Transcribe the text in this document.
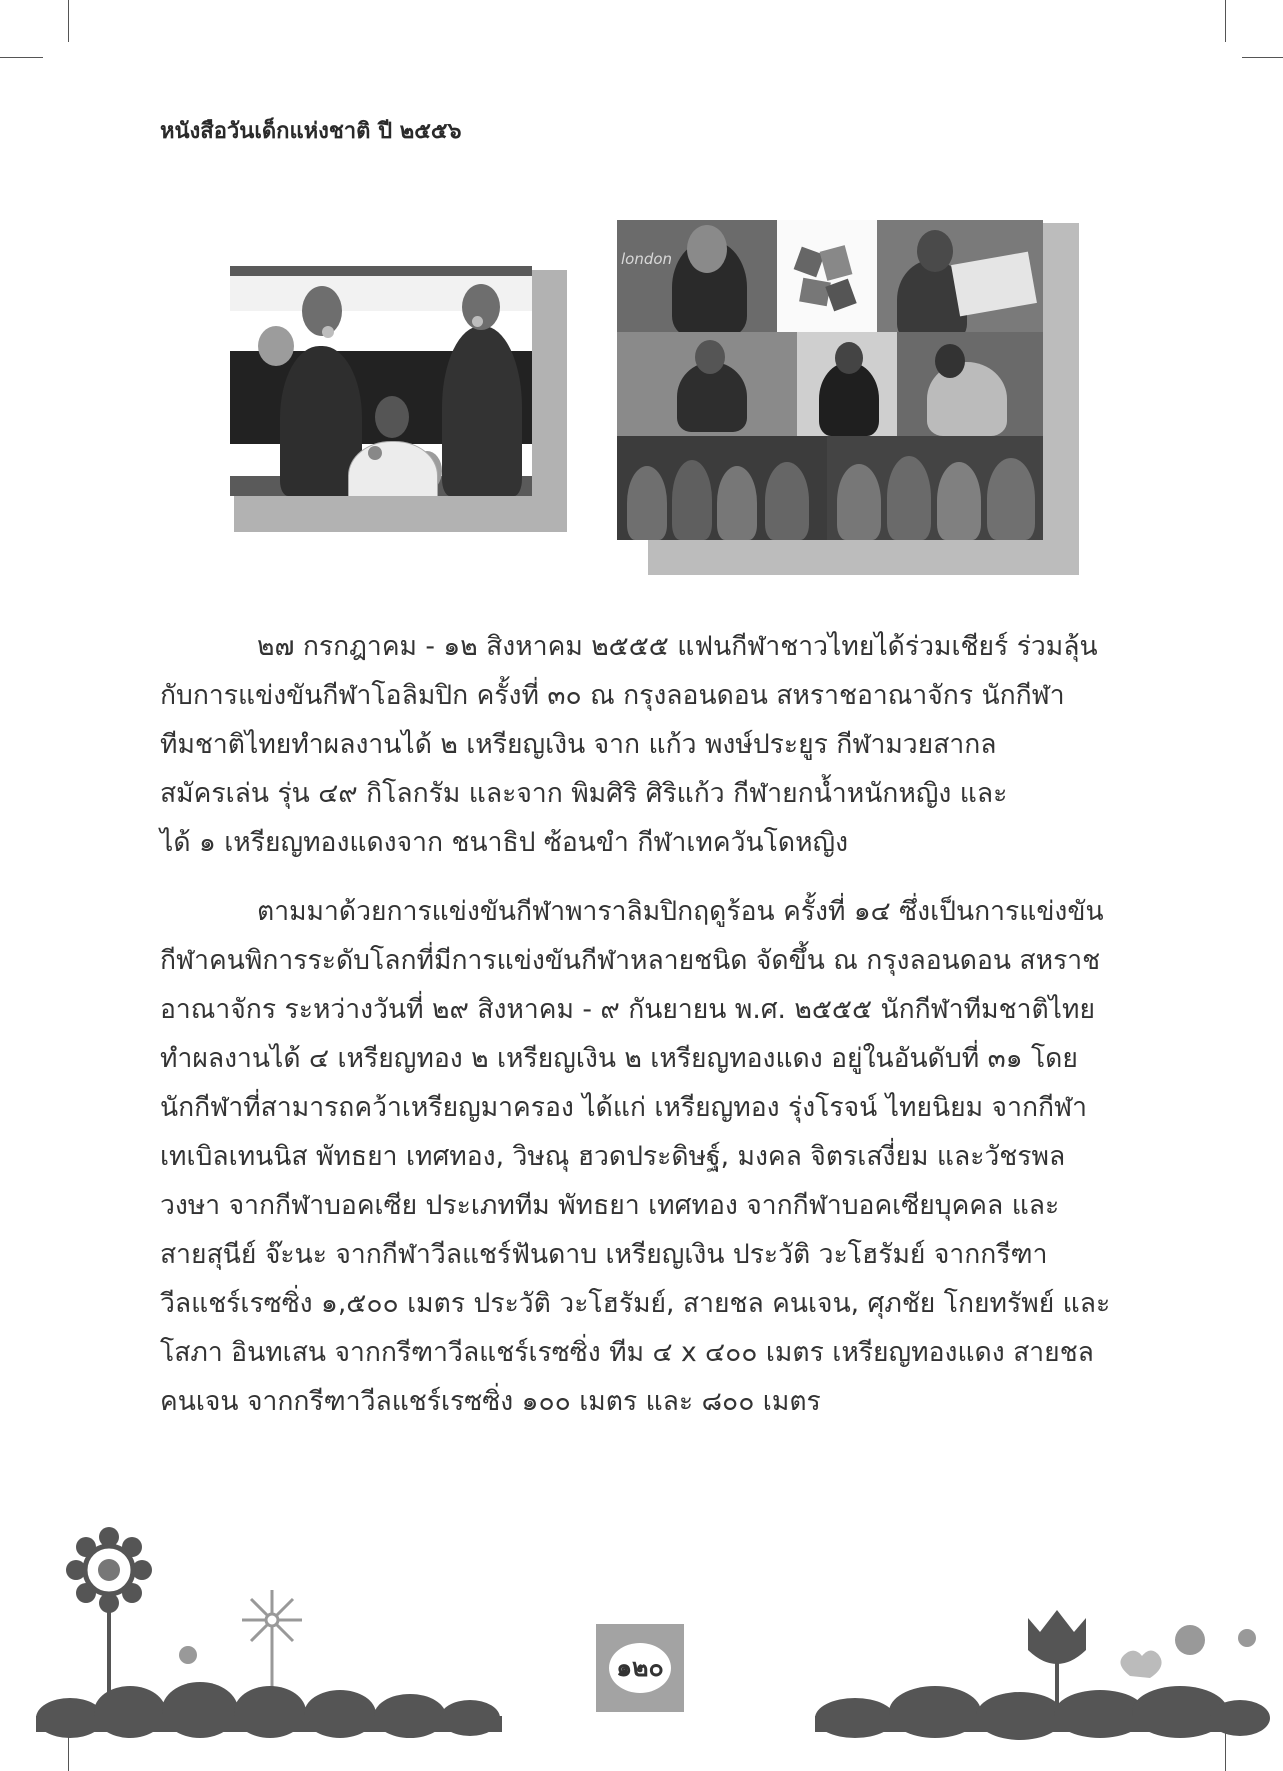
หนังสือวันเด็กแห่งชาติ ปี ๒๕๕๖
london
๒๗ กรกฎาคม - ๑๒ สิงหาคม ๒๕๕๕ แฟนกีฬาชาวไทยได้ร่วมเชียร์ ร่วมลุ้น
กับการแข่งขันกีฬาโอลิมปิก ครั้งที่ ๓๐ ณ กรุงลอนดอน สหราชอาณาจักร นักกีฬา
ทีมชาติไทยทำผลงานได้ ๒ เหรียญเงิน จาก แก้ว พงษ์ประยูร กีฬามวยสากล
สมัครเล่น รุ่น ๔๙ กิโลกรัม และจาก พิมศิริ ศิริแก้ว กีฬายกน้ำหนักหญิง และ
ได้ ๑ เหรียญทองแดงจาก ชนาธิป ซ้อนขำ กีฬาเทควันโดหญิง
ตามมาด้วยการแข่งขันกีฬาพาราลิมปิกฤดูร้อน ครั้งที่ ๑๔ ซึ่งเป็นการแข่งขัน
กีฬาคนพิการระดับโลกที่มีการแข่งขันกีฬาหลายชนิด จัดขึ้น ณ กรุงลอนดอน สหราช
อาณาจักร ระหว่างวันที่ ๒๙ สิงหาคม - ๙ กันยายน พ.ศ. ๒๕๕๕ นักกีฬาทีมชาติไทย
ทำผลงานได้ ๔ เหรียญทอง ๒ เหรียญเงิน ๒ เหรียญทองแดง อยู่ในอันดับที่ ๓๑ โดย
นักกีฬาที่สามารถคว้าเหรียญมาครอง ได้แก่ เหรียญทอง รุ่งโรจน์ ไทยนิยม จากกีฬา
เทเบิลเทนนิส พัทธยา เทศทอง, วิษณุ ฮวดประดิษฐ์, มงคล จิตรเสงี่ยม และวัชรพล
วงษา จากกีฬาบอคเซีย ประเภททีม พัทธยา เทศทอง จากกีฬาบอคเซียบุคคล และ
สายสุนีย์ จ๊ะนะ จากกีฬาวีลแชร์ฟันดาบ เหรียญเงิน ประวัติ วะโฮรัมย์ จากกรีฑา
วีลแชร์เรซซิ่ง ๑,๕๐๐ เมตร ประวัติ วะโฮรัมย์, สายชล คนเจน, ศุภชัย โกยทรัพย์ และ
โสภา อินทเสน จากกรีฑาวีลแชร์เรซซิ่ง ทีม ๔ x ๔๐๐ เมตร เหรียญทองแดง สายชล
คนเจน จากกรีฑาวีลแชร์เรซซิ่ง ๑๐๐ เมตร และ ๘๐๐ เมตร
๑๒๐
